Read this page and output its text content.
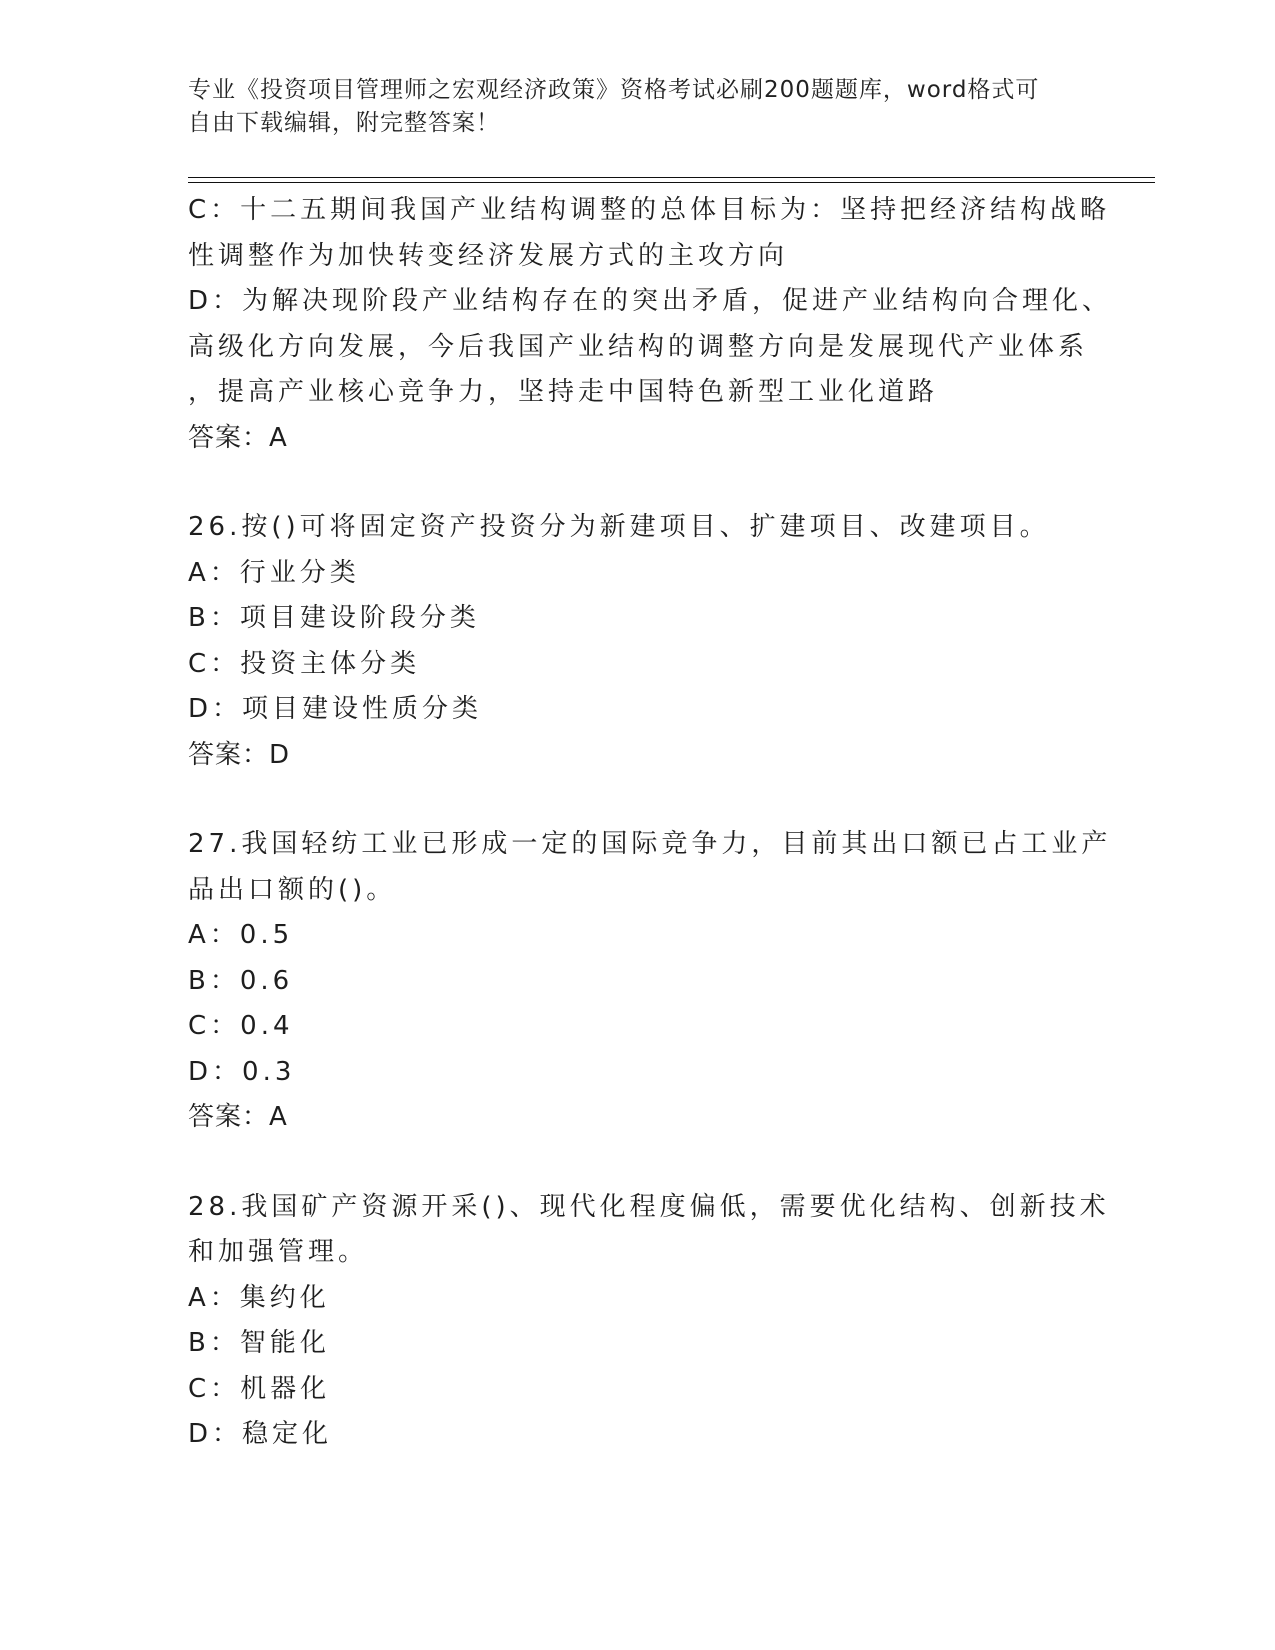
专业《投资项目管理师之宏观经济政策》资格考试必刷200题题库，word格式可
自由下载编辑，附完整答案！
C：十二五期间我国产业结构调整的总体目标为：坚持把经济结构战略
性调整作为加快转变经济发展方式的主攻方向
D：为解决现阶段产业结构存在的突出矛盾，促进产业结构向合理化、
高级化方向发展，今后我国产业结构的调整方向是发展现代产业体系
，提高产业核心竞争力，坚持走中国特色新型工业化道路
答案：A
26.按()可将固定资产投资分为新建项目、扩建项目、改建项目。
A：行业分类
B：项目建设阶段分类
C：投资主体分类
D：项目建设性质分类
答案：D
27.我国轻纺工业已形成一定的国际竞争力，目前其出口额已占工业产
品出口额的()。
A：0.5
B：0.6
C：0.4
D：0.3
答案：A
28.我国矿产资源开采()、现代化程度偏低，需要优化结构、创新技术
和加强管理。
A：集约化
B：智能化
C：机器化
D：稳定化
